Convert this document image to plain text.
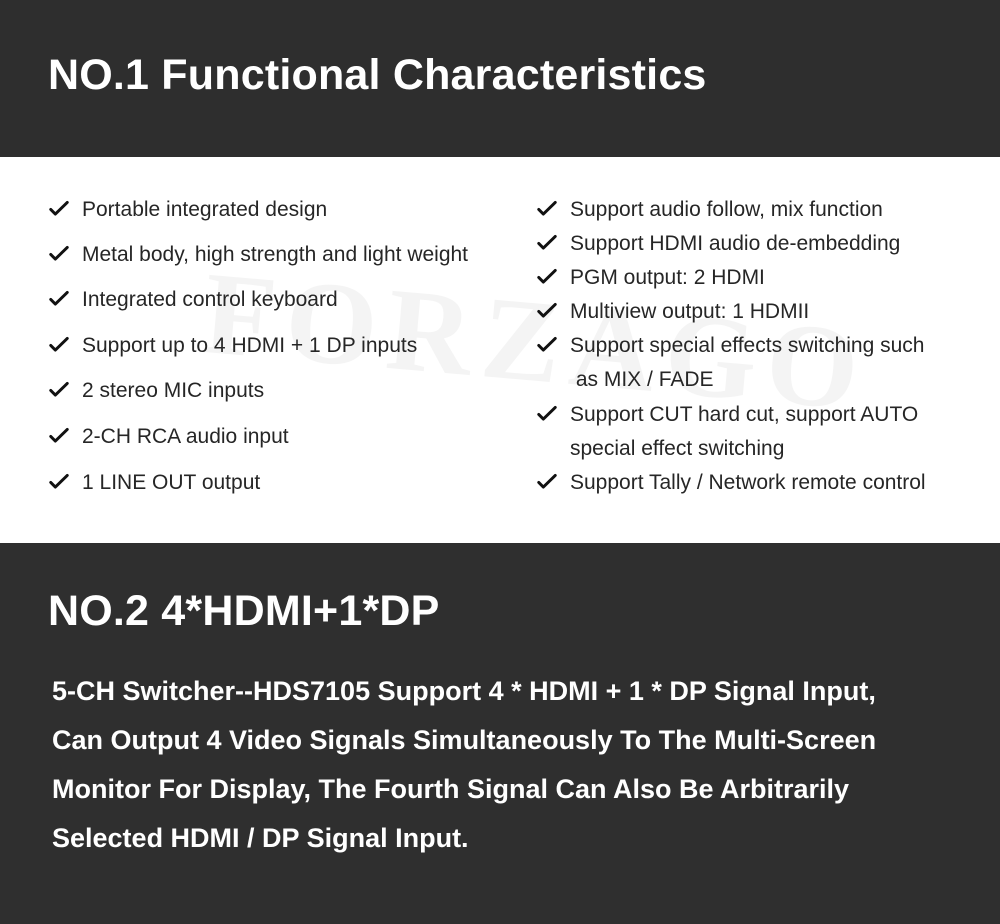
NO.1 Functional Characteristics
Portable integrated design
Metal body, high strength and light weight
Integrated control keyboard
Support up to 4 HDMI + 1 DP inputs
2 stereo MIC inputs
2-CH RCA audio input
1 LINE OUT output
Support audio follow, mix function
Support HDMI audio de-embedding
PGM output: 2 HDMI
Multiview output: 1 HDMII
Support special effects switching such
as MIX / FADE
Support CUT hard cut, support AUTO
special effect switching
Support Tally / Network remote control
NO.2 4*HDMI+1*DP

5-CH Switcher--HDS7105 Support 4 * HDMI + 1 * DP Signal Input,
Can Output 4 Video Signals Simultaneously To The Multi-Screen
Monitor For Display, The Fourth Signal Can Also Be Arbitrarily
Selected HDMI / DP Signal Input.
